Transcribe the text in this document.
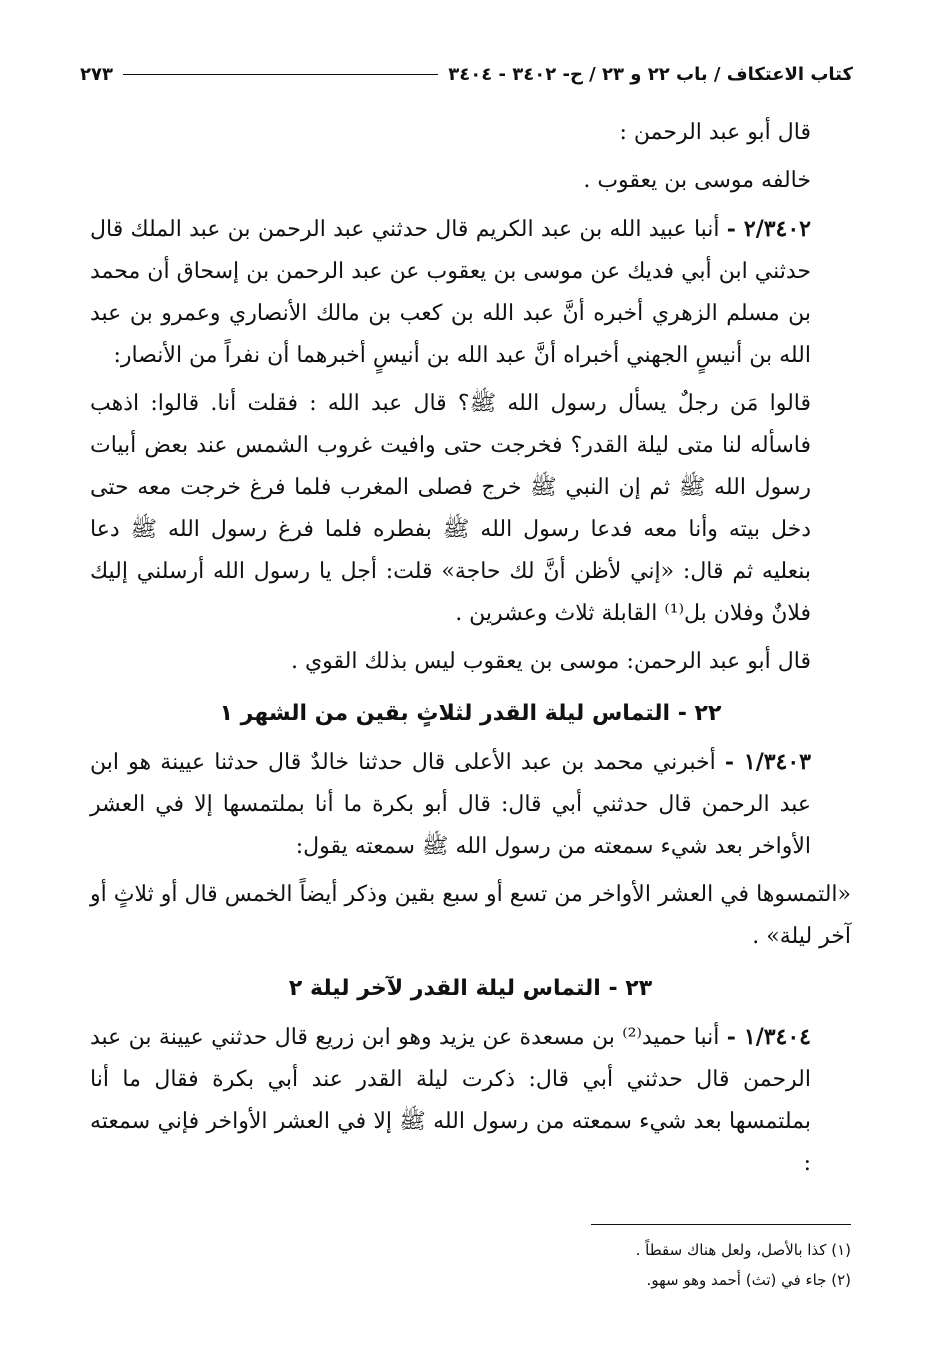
كتاب الاعتكاف / باب ٢٢ و ٢٣ / ح- ٣٤٠٢ - ٣٤٠٤
٢٧٣

قال أبو عبد الرحمن :

خالفه موسى بن يعقوب .

٢/٣٤٠٢ - أنبا عبيد الله بن عبد الكريم قال حدثني عبد الرحمن بن عبد الملك قال حدثني ابن أبي فديك عن موسى بن يعقوب عن عبد الرحمن بن إسحاق أن محمد بن مسلم الزهري أخبره أنَّ عبد الله بن كعب بن مالك الأنصاري وعمرو بن عبد الله بن أنيسٍ الجهني أخبراه أنَّ عبد الله بن أنيسٍ أخبرهما أن نفراً من الأنصار:

قالوا مَن رجلٌ يسأل رسول الله ﷺ؟ قال عبد الله : فقلت أنا. قالوا: اذهب فاسأله لنا متى ليلة القدر؟ فخرجت حتى وافيت غروب الشمس عند بعض أبيات رسول الله ﷺ ثم إن النبي ﷺ خرج فصلى المغرب فلما فرغ خرجت معه حتى دخل بيته وأنا معه فدعا رسول الله ﷺ بفطره فلما فرغ رسول الله ﷺ دعا بنعليه ثم قال: «إني لأظن أنَّ لك حاجة» قلت: أجل يا رسول الله أرسلني إليك فلانٌ وفلان بل⁽¹⁾ القابلة ثلاث وعشرين .

قال أبو عبد الرحمن: موسى بن يعقوب ليس بذلك القوي .

٢٢ - التماس ليلة القدر لثلاثٍ بقين من الشهر ١

١/٣٤٠٣ - أخبرني محمد بن عبد الأعلى قال حدثنا خالدٌ قال حدثنا عيينة هو ابن عبد الرحمن قال حدثني أبي قال: قال أبو بكرة ما أنا بملتمسها إلا في العشر الأواخر بعد شيء سمعته من رسول الله ﷺ سمعته يقول:

«التمسوها في العشر الأواخر من تسع أو سبع بقين وذكر أيضاً الخمس قال أو ثلاثٍ أو آخر ليلة» .

٢٣ - التماس ليلة القدر لآخر ليلة ٢

١/٣٤٠٤ - أنبا حميد⁽²⁾ بن مسعدة عن يزيد وهو ابن زريع قال حدثني عيينة بن عبد الرحمن قال حدثني أبي قال: ذكرت ليلة القدر عند أبي بكرة فقال ما أنا بملتمسها بعد شيء سمعته من رسول الله ﷺ إلا في العشر الأواخر فإني سمعته :

(١) كذا بالأصل، ولعل هناك سقطاً .

(٢) جاء في (تث) أحمد وهو سهو.
